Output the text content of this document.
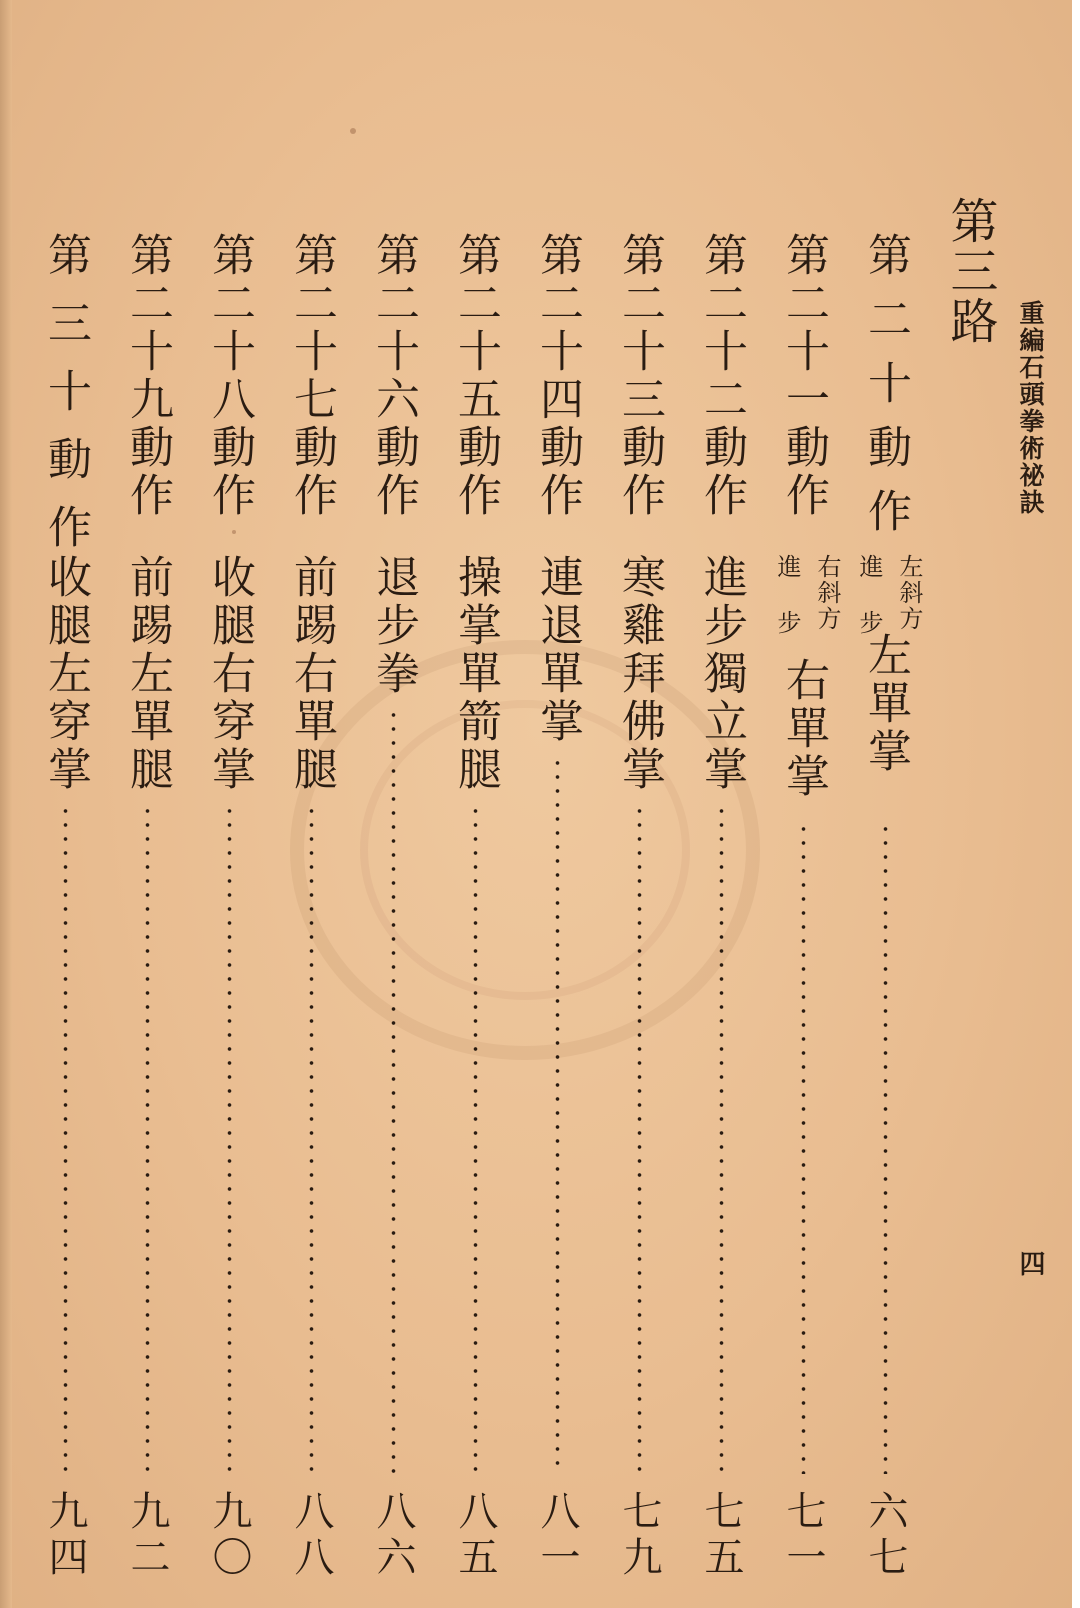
重編石頭拳術祕訣
四
第三路
第二十動作
左斜方
進 步
左單掌
六七
第二十一動作
右斜方
進 步
右單掌
七一
第二十二動作
進步獨立掌
七五
第二十三動作
寒雞拜佛掌
七九
第二十四動作
連退單掌
八一
第二十五動作
操掌單箭腿
八五
第二十六動作
退步拳
八六
第二十七動作
前踢右單腿
八八
第二十八動作
收腿右穿掌
九〇
第二十九動作
前踢左單腿
九二
第三十動作
收腿左穿掌
九四
